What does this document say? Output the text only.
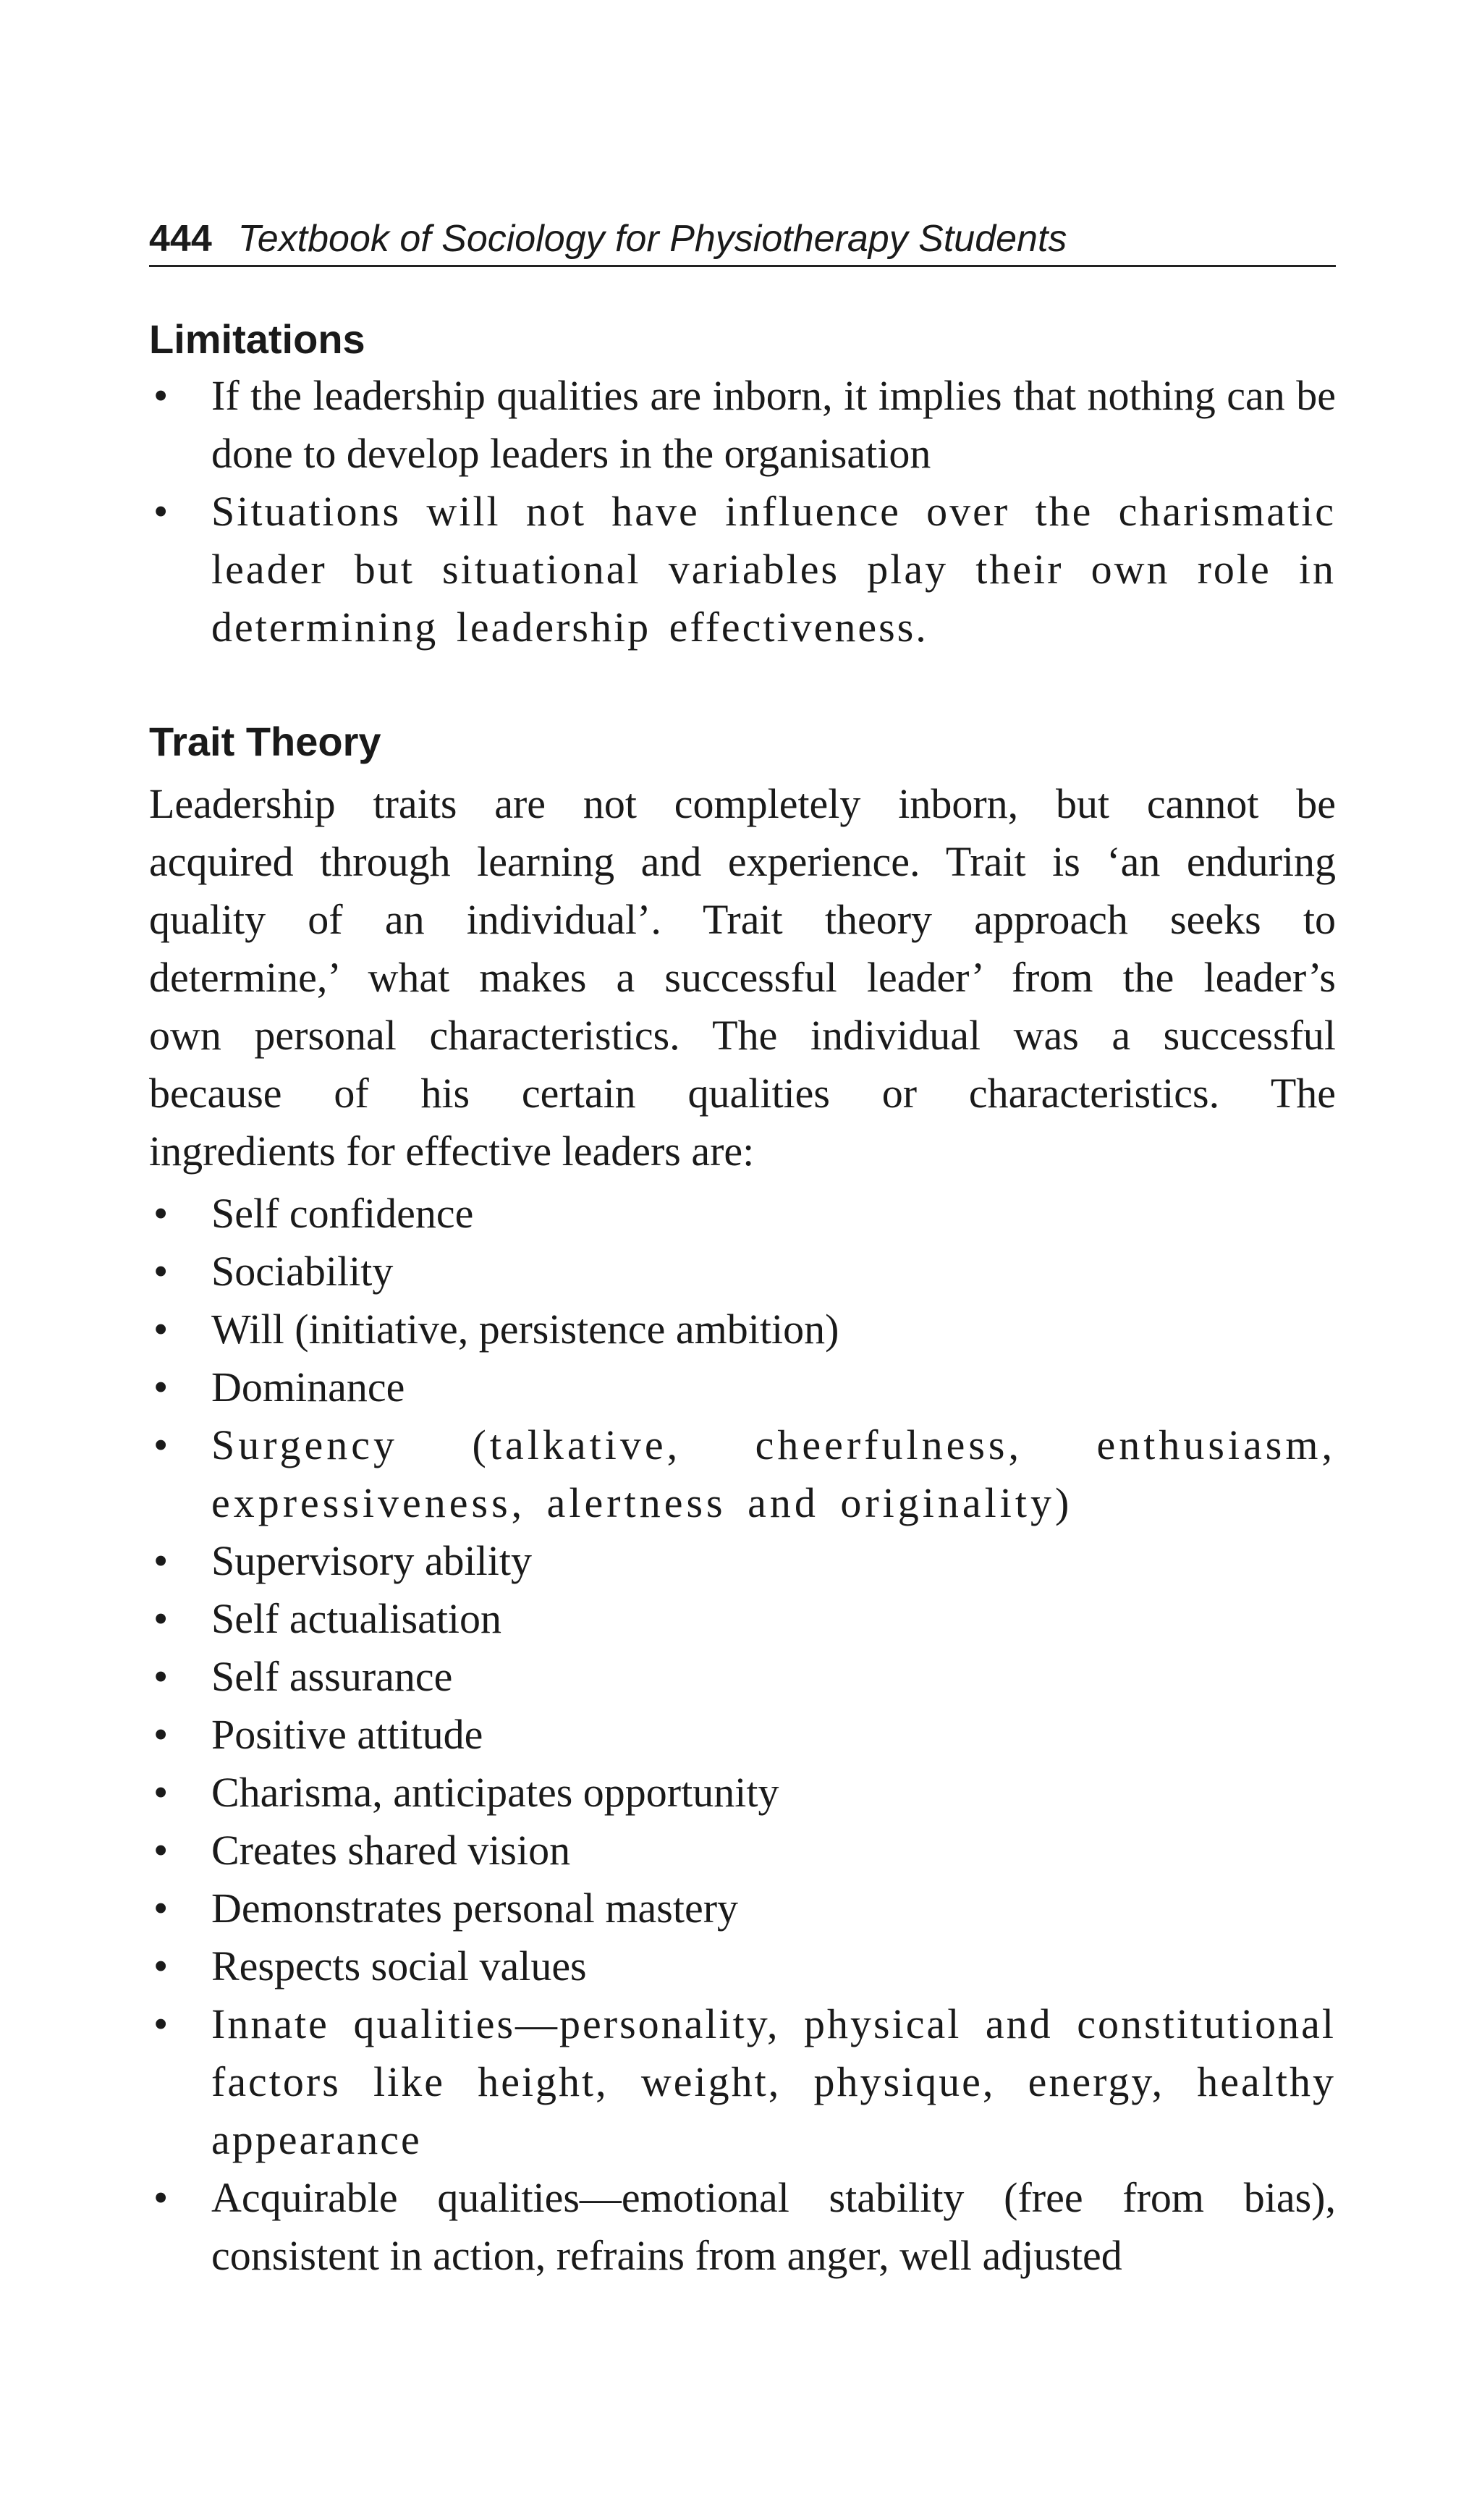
444 Textbook of Sociology for Physiotherapy Students
Limitations
•	If the leadership qualities are inborn, it implies that nothing can be done to develop leaders in the organisation
• Situations will not have influence over the charismatic leader but situational variables play their own role in determining leadership effectiveness.
Trait Theory

Leadership traits are not completely inborn, but cannot be
acquired through learning and experience. Trait is ‘an enduring
quality of an individual’. Trait theory approach seeks to
determine,’ what makes a successful leader’ from the leader’s
own personal characteristics. The individual was a successful
because of his certain qualities or characteristics. The
ingredients for effective leaders are:

•	Self confidence
•	Sociability
•	Will (initiative, persistence ambition)
•	Dominance
• Surgency (talkative, cheerfulness, enthusiasm, expressiveness, alertness and originality)
•	Supervisory ability
•	Self actualisation
•	Self assurance
•	Positive attitude
•	Charisma, anticipates opportunity
•	Creates shared vision
•	Demonstrates personal mastery
•	Respects social values
• Innate qualities—personality, physical and constitutional factors like height, weight, physique, energy, healthy appearance
•	Acquirable qualities—emotional stability (free from bias), consistent in action, refrains from anger, well adjusted
